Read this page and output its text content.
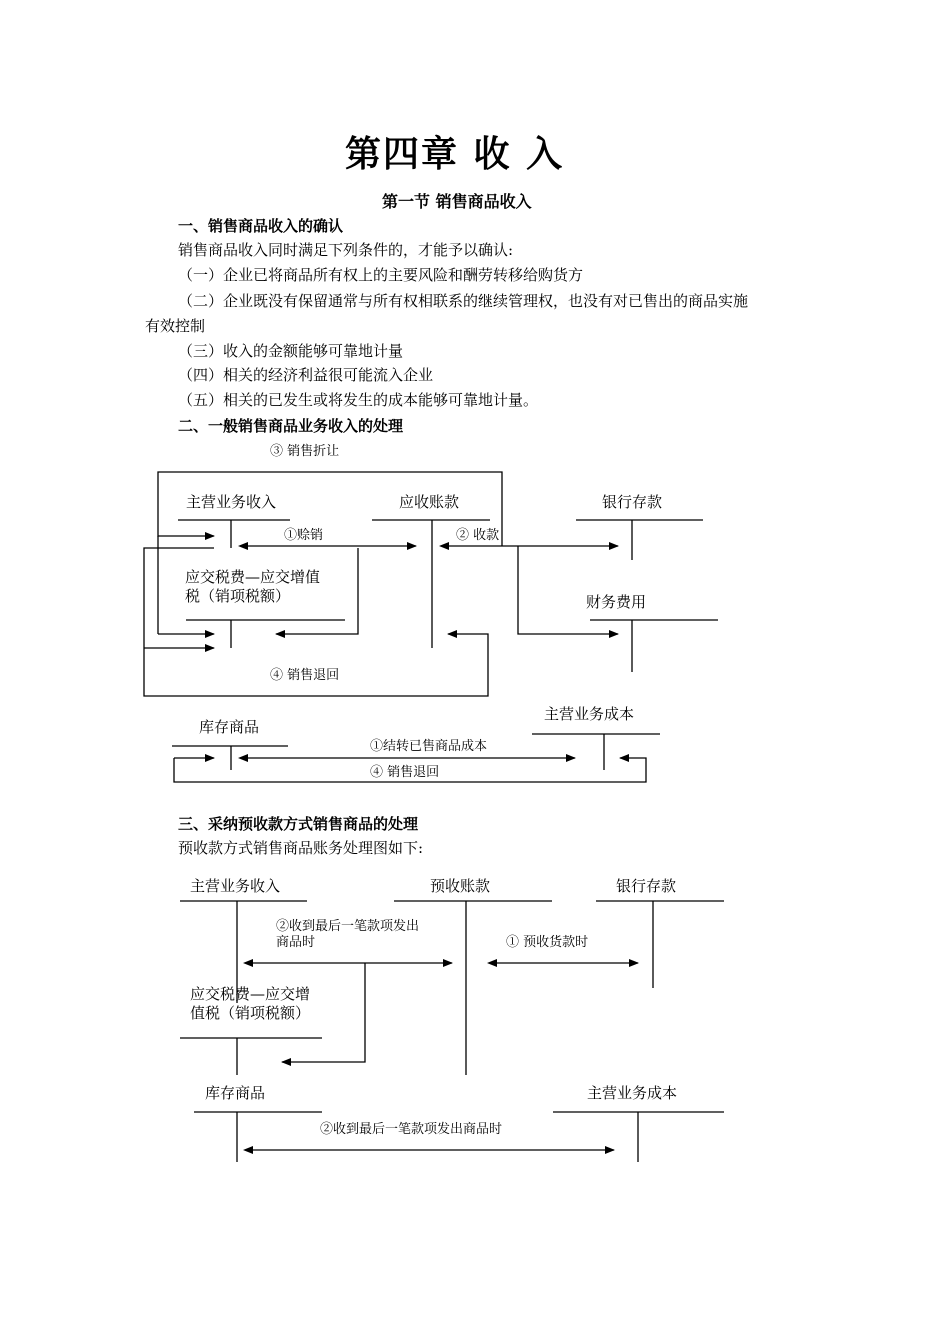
第四章 收 入
第一节 销售商品收入
一、销售商品收入的确认
销售商品收入同时满足下列条件的，才能予以确认:
（一）企业已将商品所有权上的主要风险和酬劳转移给购货方
（二）企业既没有保留通常与所有权相联系的继续管理权，也没有对已售出的商品实施
有效控制
（三）收入的金额能够可靠地计量
（四）相关的经济利益很可能流入企业
（五）相关的已发生或将发生的成本能够可靠地计量。
二、一般销售商品业务收入的处理
三、采纳预收款方式销售商品的处理
预收款方式销售商品账务处理图如下:
③ 销售折让
主营业务收入	应收账款	银行存款
①赊销	② 收款
应交税费—应交增值
税（销项税额）	财务费用
④ 销售退回
库存商品
主营业务成本
①结转已售商品成本
④ 销售退回
主营业务收入	预收账款	银行存款
②收到最后一笔款项发出
商品时	① 预收货款时
应交税费—应交增
值税（销项税额）
库存商品	主营业务成本
②收到最后一笔款项发出商品时
